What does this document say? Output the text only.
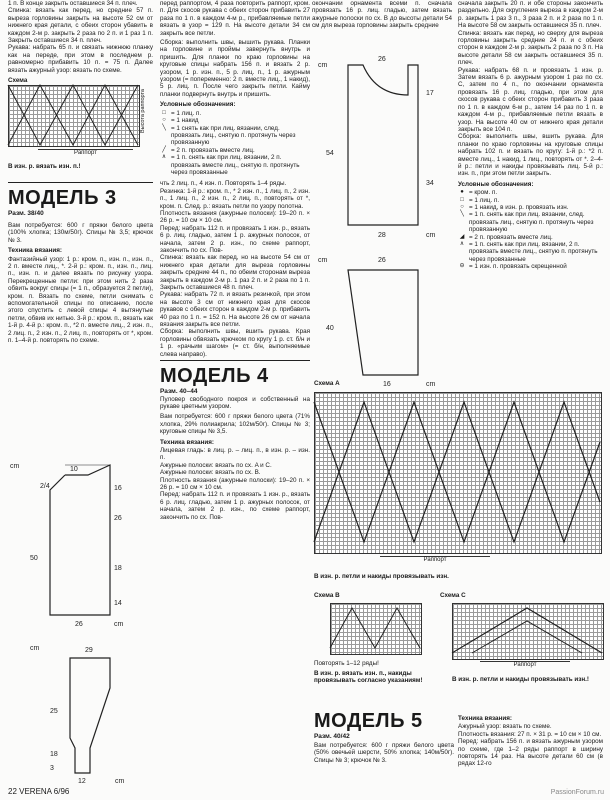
1 п. В конце закрыть оставшиеся 34 п. плеч.
Спинка: вязать как перед, но средние 57 п. выреза горловины закрыть на высоте 52 см от нижнего края детали, с обеих сторон убавить в каждом 2-м р. закрыть 2 раза по 2 п. и 1 раз 1 п. Закрыть оставшиеся 34 п. плеч.
Рукава: набрать 65 п. и связать нижнюю планку как на переде, при этом в последнем р. равномерно прибавить 10 п. = 75 п. Далее вязать ажурный узор: вязать по схеме.
Схема
Раппорт
Высота раппорта
В изн. р. вязать изн. п.!
МОДЕЛЬ 3
Разм. 38/40
Вам потребуется: 600 г пряжи белого цвета (100% хлопка; 130м/50г). Спицы № 3,5; крючок № 3.
Техника вязания:
Фантазийный узор: 1 р.: кром. п., изн. п., изн. п., 2 п. вместе лиц., *. 2-й р.: кром. п., изн. п., лиц. п., изн. п. и далее вязать по рисунку узора. Перекрещенные петли: при этом нить 2 раза обвить вокруг спицы (= 1 п., образуется 2 петли), кром. п. Вязать по схеме, петли снимать с вспомогательной спицы по описанию, после этого спустить с левой спицы 4 вытянутые петли, обвив их нитью. 3-й р.: кром. п., вязать как 1-й р. 4-й р.: кром. п., *2 п. вместе лиц., 2 изн. п., 2 лиц. п., 2 изн. п., 2 лиц. п., повторять от *, кром. п. 1–4-й р. повторять по схеме.
cm	10
16
2/4
26
50
18
14
26	cm
cm	29
25
18
3
12	cm
перед раппортом, 4 раза повторить раппорт, кром. п. Для скосов рукава с обеих сторон прибавить 27 раза по 1 п. в каждом 4-м р., прибавляемые петли вязать в узор = 129 п. На высоте детали 34 см закрыть все петли.
Сборка: выполнить швы, вышить рукава. Планки на горловине и проймы завернуть внутрь и пришить. Для планки по краю горловины на круговые спицы набрать 156 п. и вязать 2 р. узором, 1 р. изн. п., 5 р. лиц. п., 1 р. ажурным узором (= попеременно: 2 п. вместе лиц., 1 накид), 5 р. лиц. п. После чего закрыть петли. Кайму планки подвернуть внутрь и пришить.
Условные обозначения:
□ = 1 лиц. п.
○ = 1 накид
╲ = 1 снять как при лиц. вязании, след. провязать лиц., снятую п. протянуть через провязанную
╱ = 2 п. провязать вместе лиц.
∧ = 1 п. снять как при лиц. вязании, 2 п. провязать вместе лиц., снятую п. протянуть через провязанные
чть 2 лиц. п., 4 изн. п. Повторять 1–4 ряды.
Резинка: 1-й р.: кром. п., * 2 изн. п., 1 лиц. п., 2 изн. п., 1 лиц. п., 2 изн. п., 2 лиц. п., повторять от *, кром. п. След. р.: вязать петли по узору полотна.
Плотность вязания (ажурные полоски): 19–20 п. × 26 р. = 10 см × 10 см.
Перед: набрать 112 п. и провязать 1 изн. р., вязать 6 р. лиц. гладью, затем 1 р. ажурных полосок, от начала, затем 2 р. изн., по схеме раппорт, закончить по сх. Пов-
Спинка: вязать как перед, но на высоте 54 см от нижнего края детали для выреза горловины закрыть средние 44 п., по обеим сторонам выреза закрыть в каждом 2-м р. 1 раз 2 п. и 2 раза по 1 п. Закрыть оставшиеся 48 п. плеч.
Рукава: набрать 72 п. и вязать резинкой, при этом на высоте 3 см от нижнего края для скосов рукавов с обеих сторон в каждом 2-м р. прибавить 40 раз по 1 п. = 152 п. На высоте 26 см от начала вязания закрыть все петли.
Сборка: выполнить швы, вшить рукава. Края горловины обвязать крючком по кругу 1 р. ст. б/н и 1 р. «рачьим шагом» (= ст. б/н, выполняемые слева направо).
МОДЕЛЬ 4
Разм. 40–44
Пуловер свободного покроя и собственный на рукаве цветным узором.
Вам потребуется: 600 г пряжи белого цвета (71% хлопка, 29% полиакрила; 102м/50г). Спицы № 3; круговые спицы № 3,5.
Техника вязания:
Лицевая гладь: в лиц. р. – лиц. п., в изн. р. – изн. п.
Ажурные полоски: вязать по сх. A и C.
Ажурные полоски: вязать по сх. B.
Плотность вязания (ажурные полоски): 19–20 п. × 26 р. = 10 см × 10 см.
Перед: набрать 112 п. и провязать 1 изн. р., вязать 6 р. лиц. гладью, затем 1 р. ажурных полосок, от начала, затем 2 р. изн., по схеме раппорт, закончить по сх. Пов-
cm
26
54
34
17
28	cm
cm	26
40
16	cm
окончании орнамента всеми п. сначала провязать 16 р. лиц. гладью, затем вязать ажурные полоски по сх. B до высоты детали 54 см для выреза горловины закрыть средние
Схема A
Раппорт
В изн. р. петли и накиды провязывать изн.
Схема B
Повторять 1–12 ряды!
В изн. р. вязать изн. п., накиды провязывать согласно указаниям!
Схема C
Раппорт
В изн. р. петли и накиды провязывать изн.!
МОДЕЛЬ 5
Разм. 40/42
Вам потребуется: 600 г пряжи белого цвета (50% овечьей шерсти, 50% хлопка; 140м/50г). Спицы № 3; крючок № 3.
сначала закрыть 20 п. и обе стороны закончить раздельно. Для скругления выреза в каждом 2-м р. закрыть 1 раз 3 п., 3 раза 2 п. и 2 раза по 1 п. На высоте 58 см закрыть оставшиеся 35 п. плеч.
Спинка: вязать как перед, но сверху для выреза горловины закрыть средние 24 п. и с обеих сторон в каждом 2-м р. закрыть 2 раза по 3 п. На высоте детали 58 см закрыть оставшиеся 35 п. плеч.
Рукава: набрать 68 п. и провязать 1 изн. р. Затем вязать 6 р. ажурным узором 1 раз по сх. C, затем по 4 п., по окончании орнамента провязать 16 р. лиц. гладью, при этом для скосов рукава с обеих сторон прибавить 3 раза по 1 п. в каждом 6-м р., затем 14 раз по 1 п. в каждом 4-м р., прибавляемые петли вязать в узор. На высоте 40 см от нижнего края детали закрыть все 104 п.
Сборка: выполнить швы, вшить рукава. Для планки по краю горловины на круговые спицы набрать 102 п. и вязать по кругу: 1-й р.: *2 п. вместе лиц., 1 накид, 1 лиц., повторять от *. 2–4-й р.: петли и накиды провязывать лиц. 5-й р.: изн. п., при этом петли закрыть.
Условные обозначения:
● = кром. п.
□ = 1 лиц. п.
○ = 1 накид, в изн. р. провязать изн.
╲ = 1 п. снять как при лиц. вязании, след. провязать лиц., снятую п. протянуть через провязанную
◢ = 2 п. провязать вместе лиц.
∧ = 1 п. снять как при лиц. вязании, 2 п. провязать вместе лиц., снятую п. протянуть через провязанные
⊖ = 1 изн. п. провязать скрещенной
Техника вязания:
Ажурный узор: вязать по схеме.
Плотность вязания: 27 п. × 31 р. = 10 см × 10 см.
Перед: набрать 156 п. и вязать ажурным узором по схеме, где 1–2 ряды раппорт в ширину повторять 14 раз. На высоте детали 60 см (в рядах 12-го
22 VERENA 6/96	PassionForum.ru
